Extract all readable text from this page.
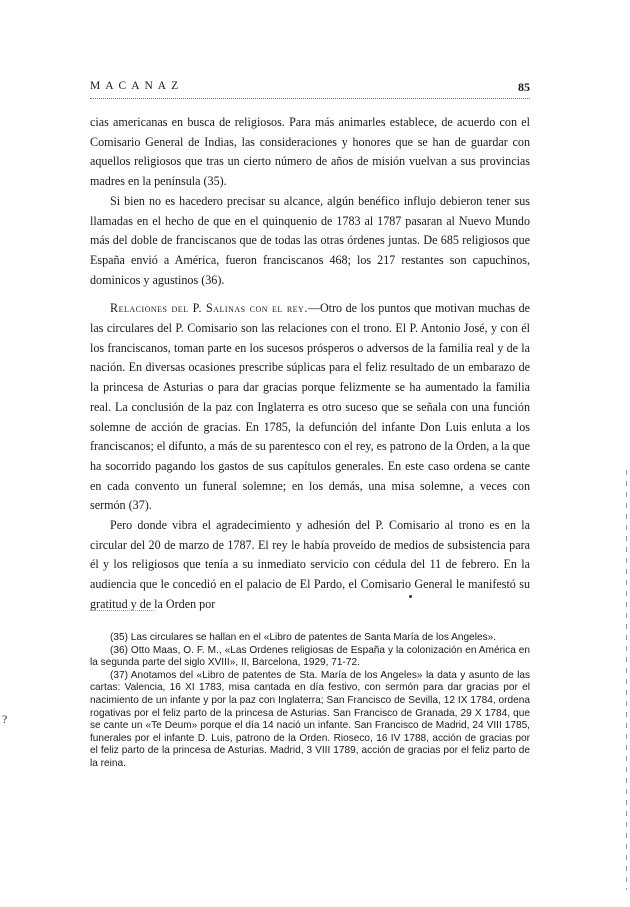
MACANAZ	85

cias americanas en busca de religiosos. Para más animarles establece, de acuerdo con el Comisario General de Indias, las consideraciones y honores que se han de guardar con aquellos religiosos que tras un cierto número de años de misión vuelvan a sus provincias madres en la península (35).

Si bien no es hacedero precisar su alcance, algún benéfico influjo debieron tener sus llamadas en el hecho de que en el quinquenio de 1783 al 1787 pasaran al Nuevo Mundo más del doble de franciscanos que de todas las otras órdenes juntas. De 685 religiosos que España envió a América, fueron franciscanos 468; los 217 restantes son capuchinos, dominicos y agustinos (36).

Relaciones del P. Salinas con el rey.—Otro de los puntos que motivan muchas de las circulares del P. Comisario son las relaciones con el trono. El P. Antonio José, y con él los franciscanos, toman parte en los sucesos prósperos o adversos de la familia real y de la nación. En diversas ocasiones prescribe súplicas para el feliz resultado de un embarazo de la princesa de Asturias o para dar gracias porque felizmente se ha aumentado la familia real. La conclusión de la paz con Inglaterra es otro suceso que se señala con una función solemne de acción de gracias. En 1785, la defunción del infante Don Luis enluta a los franciscanos; el difunto, a más de su parentesco con el rey, es patrono de la Orden, a la que ha socorrido pagando los gastos de sus capítulos generales. En este caso ordena se cante en cada convento un funeral solemne; en los demás, una misa solemne, a veces con sermón (37).

Pero donde vibra el agradecimiento y adhesión del P. Comisario al trono es en la circular del 20 de marzo de 1787. El rey le había proveído de medios de subsistencia para él y los religiosos que tenía a su inmediato servicio con cédula del 11 de febrero. En la audiencia que le concedió en el palacio de El Pardo, el Comisario General le manifestó su gratitud y de la Orden por

(35) Las circulares se hallan en el «Libro de patentes de Santa María de los Angeles».

(36) Otto Maas, O. F. M., «Las Ordenes religiosas de España y la colonización en América en la segunda parte del siglo XVIII», II, Barcelona, 1929, 71-72.

(37) Anotamos del «Libro de patentes de Sta. María de los Angeles» la data y asunto de las cartas: Valencia, 16 XI 1783, misa cantada en día festivo, con sermón para dar gracias por el nacimiento de un infante y por la paz con Inglaterra; San Francisco de Sevilla, 12 IX 1784, ordena rogativas por el feliz parto de la princesa de Asturias. San Francisco de Granada, 29 X 1784, que se cante un «Te Deum» porque el día 14 nació un infante. San Francisco de Madrid, 24 VIII 1785, funerales por el infante D. Luis, patrono de la Orden. Rioseco, 16 IV 1788, acción de gracias por el feliz parto de la princesa de Asturias. Madrid, 3 VIII 1789, acción de gracias por el feliz parto de la reina.

?
